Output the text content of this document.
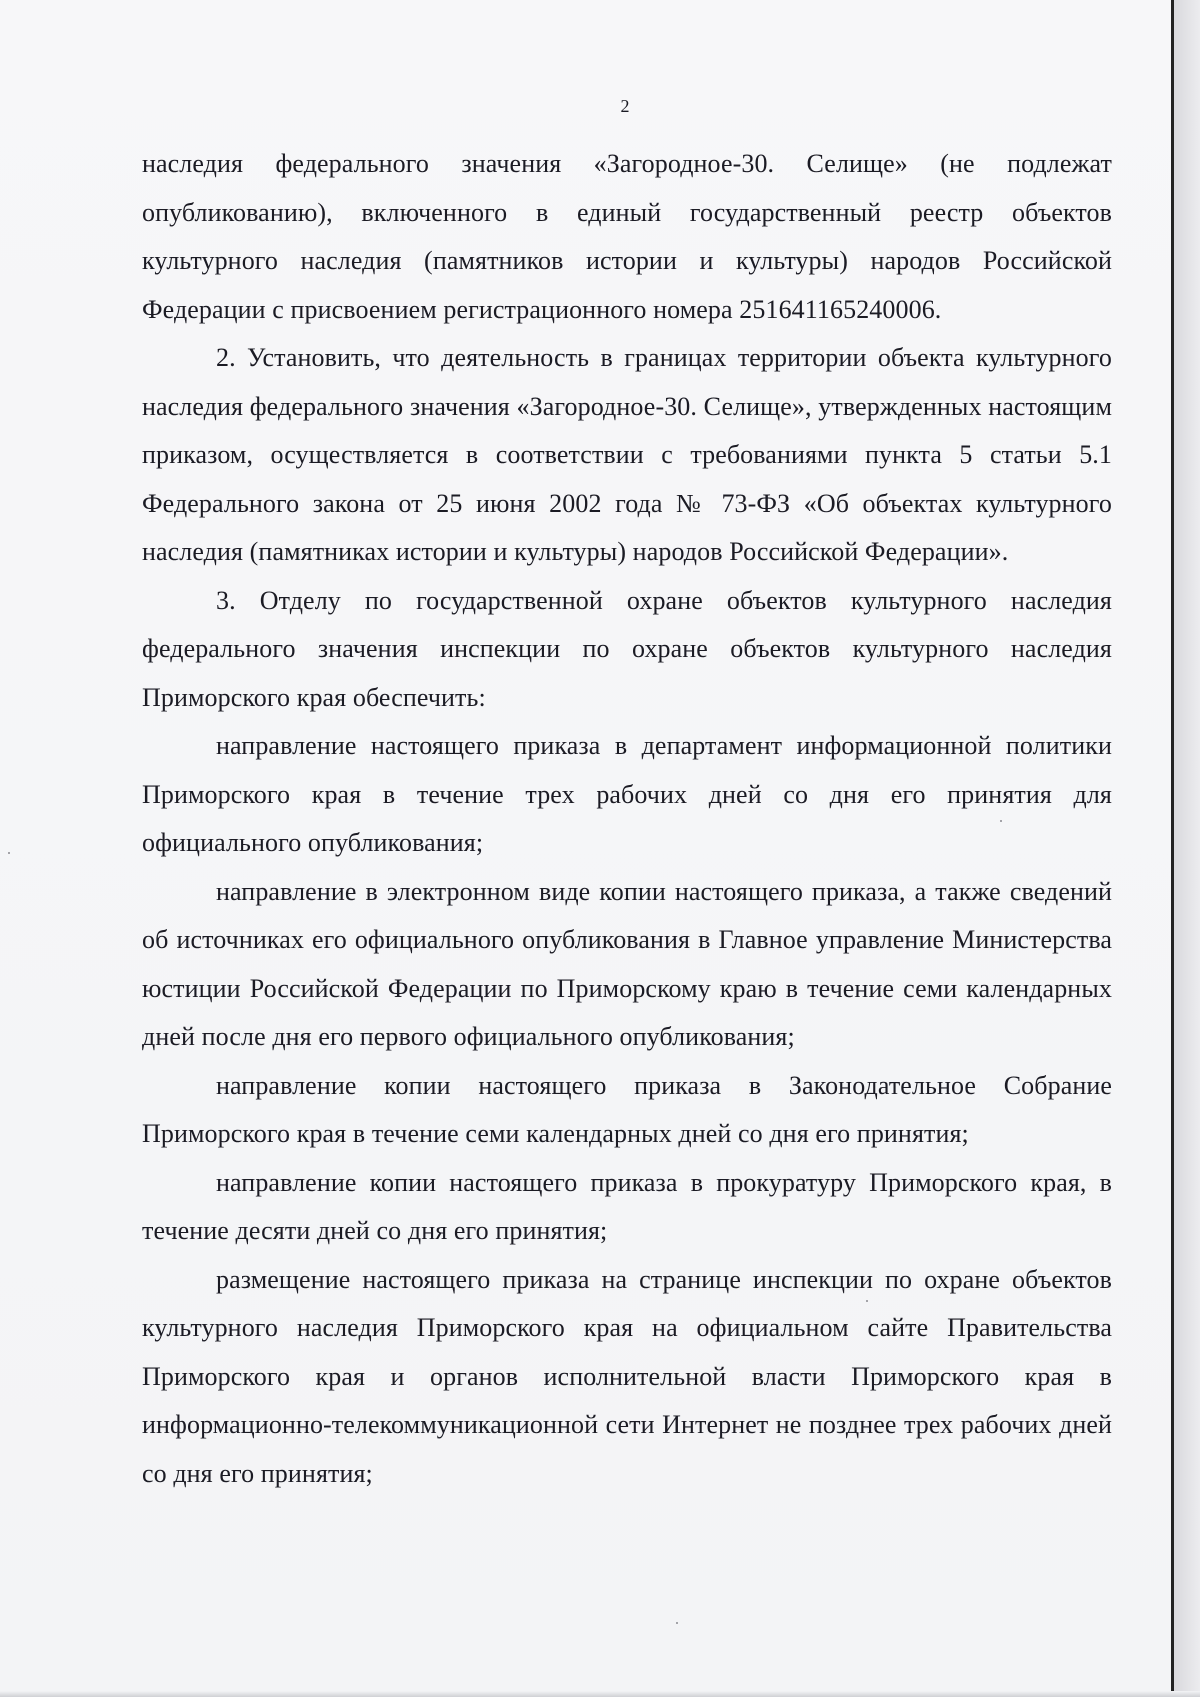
2

наследия федерального значения «Загородное-30. Селище» (не подлежат опубликованию), включенного в единый государственный реестр объектов культурного наследия (памятников истории и культуры) народов Российской Федерации с присвоением регистрационного номера 251641165240006.

2. Установить, что деятельность в границах территории объекта культурного наследия федерального значения «Загородное-30. Селище», утвержденных настоящим приказом, осуществляется в соответствии с требованиями пункта 5 статьи 5.1 Федерального закона от 25 июня 2002 года № 73-ФЗ «Об объектах культурного наследия (памятниках истории и культуры) народов Российской Федерации».

3. Отделу по государственной охране объектов культурного наследия федерального значения инспекции по охране объектов культурного наследия Приморского края обеспечить:

направление настоящего приказа в департамент информационной политики Приморского края в течение трех рабочих дней со дня его принятия для официального опубликования;

направление в электронном виде копии настоящего приказа, а также сведений об источниках его официального опубликования в Главное управление Министерства юстиции Российской Федерации по Приморскому краю в течение семи календарных дней после дня его первого официального опубликования;

направление копии настоящего приказа в Законодательное Собрание Приморского края в течение семи календарных дней со дня его принятия;

направление копии настоящего приказа в прокуратуру Приморского края, в течение десяти дней со дня его принятия;

размещение настоящего приказа на странице инспекции по охране объектов культурного наследия Приморского края на официальном сайте Правительства Приморского края и органов исполнительной власти Приморского края в информационно-телекоммуникационной сети Интернет не позднее трех рабочих дней со дня его принятия;
